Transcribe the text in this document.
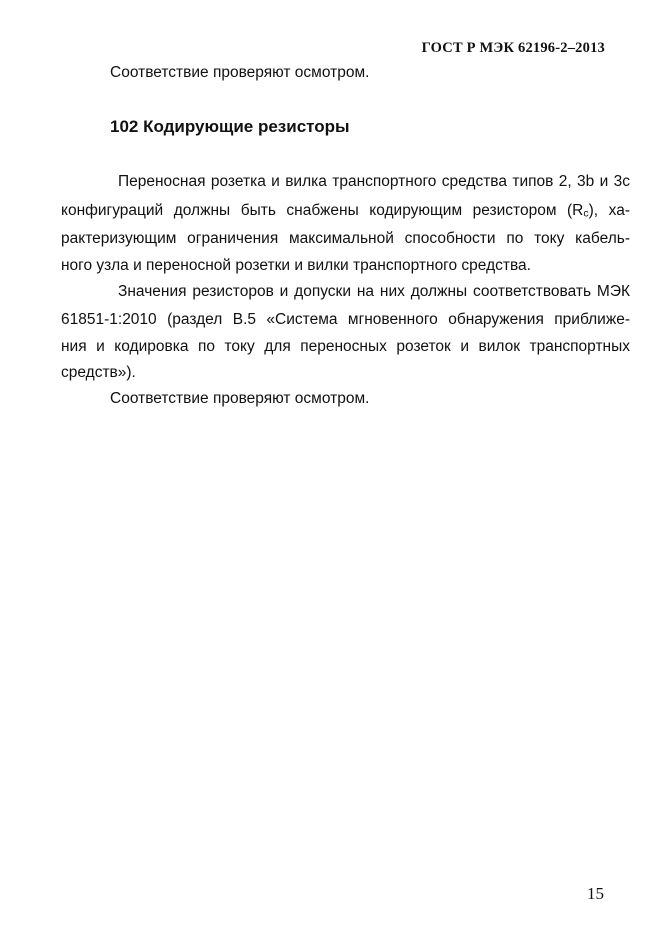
ГОСТ Р МЭК 62196-2–2013
Соответствие проверяют осмотром.
102 Кодирующие резисторы
Переносная розетка и вилка транспортного средства типов 2, 3b и 3c
конфигураций должны быть снабжены кодирующим резистором $(R_c)$, ха-
рактеризующим ограничения максимальной способности по току кабель-
ного узла и переносной розетки и вилки транспортного средства.
Значения резисторов и допуски на них должны соответствовать МЭК
61851-1:2010 (раздел В.5 «Система мгновенного обнаружения приближе-
ния и кодировка по току для переносных розеток и вилок транспортных
средств»).
Соответствие проверяют осмотром.
15
